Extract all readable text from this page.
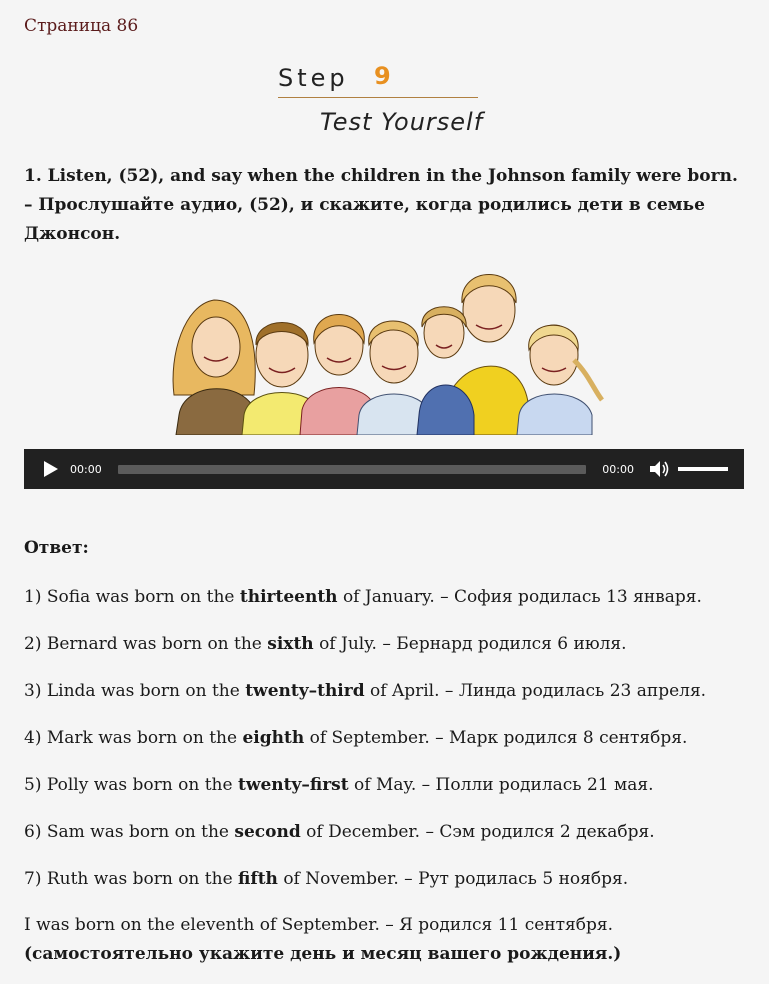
Страница 86
Step 9
Test Yourself
1. Listen, (52), and say when the children in the Johnson family were born. – Прослушайте аудио, (52), и скажите, когда родились дети в семье Джонсон.
00:00	00:00
Ответ:
1) Sofia was born on the thirteenth of January. – София родилась 13 января.
2) Bernard was born on the sixth of July. – Бернард родился 6 июля.
3) Linda was born on the twenty–third of April. – Линда родилась 23 апреля.
4) Mark was born on the eighth of September. – Марк родился 8 сентября.
5) Polly was born on the twenty–first of May. – Полли родилась 21 мая.
6) Sam was born on the second of December. – Сэм родился 2 декабря.
7) Ruth was born on the fifth of November. – Рут родилась 5 ноября.
I was born on the eleventh of September. – Я родился 11 сентября. (самостоятельно укажите день и месяц вашего рождения.)
